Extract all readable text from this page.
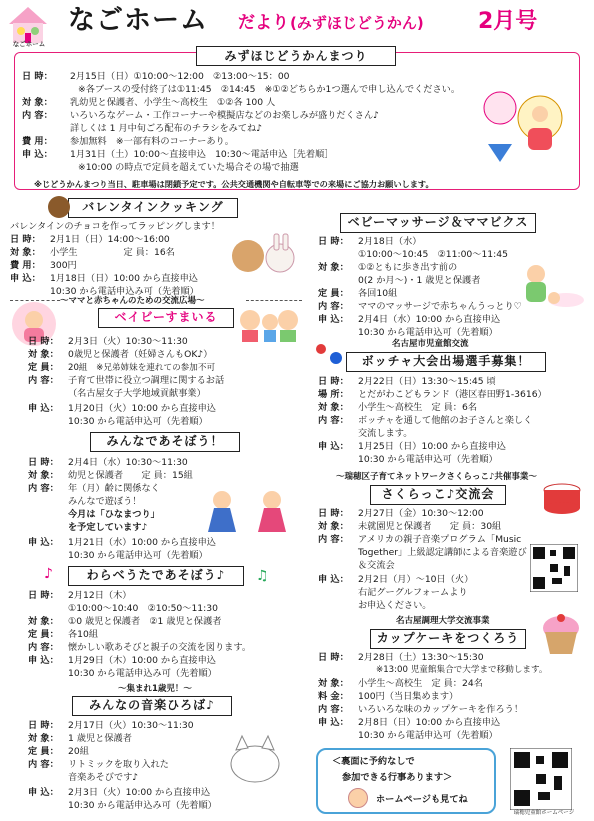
なごホーム
なごホーム だより (みずほじどうかん) 2月号
みずほじどうかんまつり
日 時： 2月15日（日）①10:00～12:00　②13:00～15：00
※各ブースの受付終了は①11:45　②14:45　※①②どちらか1つ選んで申し込んでください。
対 象： 乳幼児と保護者、小学生～高校生　①②各 100 人
内 容： いろいろなゲーム・工作コーナーや模擬店などのお楽しみが盛りだくさん♪
詳しくは 1 月中旬ごろ配布のチラシをみてね♪
費 用： 参加無料　※一部有料のコーナーあり。
申 込： 1月31日（土）10:00～直接申込　10:30～電話申込［先着順］
※10:00 の時点で定員を超えていた場合その場で抽選
※じどうかんまつり当日、駐車場は閉鎖予定です。公共交通機関や自転車等での来場にご協力お願いします。
バレンタインクッキング
バレンタインのチョコを作ってラッピングします！
日 時： 2月1日（日）14:00～16:00
対 象： 小学生　　　　　定 員：16名
費 用： 300円
申 込： 1月18日（日）10:00 から直接申込
10:30 から電話申込み可（先着順）
～ママと赤ちゃんのための交流広場～
ベイビーすまいる
日 時： 2月3日（火）10:30～11:30
対 象： 0歳児と保護者（妊婦さんもOK♪）
定 員： 20組　※兄弟姉妹を連れての参加不可
内 容： 子育て世帯に役立つ調理に関するお話
（名古屋女子大学地域貢献事業）
申 込： 1月20日（火）10:00 から直接申込
10:30 から電話申込可（先着順）
みんなであそぼう！
日 時： 2月4日（水）10:30～11:30
対 象： 幼児と保護者　　定 員：15組
内 容： 年（月）齢に関係なく
みんなで遊ぼう！
今月は「ひなまつり」
を予定しています♪
申 込： 1月21日（水）10:00 から直接申込
10:30 から電話申込可（先着順）
わらべうたであそぼう♪
♪	♫
日 時： 2月12日（木）
①10:00～10:40　②10:50～11:30
対 象： ①0 歳児と保護者　②1 歳児と保護者
定 員： 各10組
内 容： 懐かしい歌あそびと親子の交流を図ります。
申 込： 1月29日（木）10:00 から直接申込
10:30 から電話申込み可（先着順）
～集まれ1歳児！～
みんなの音楽ひろば♪
日 時： 2月17日（火）10:30～11:30
対 象： 1 歳児と保護者
定 員： 20組
内 容： リトミックを取り入れた
音楽あそびです♪
申 込： 2月3日（火）10:00 から直接申込
10:30 から電話申込み可（先着順）
ベビーマッサージ＆ママビクス
日 時： 2月18日（水）
①10:00～10:45　②11:00～11:45
対 象： ①②ともに歩き出す前の
0(2 か月～)・1 歳児と保護者
定 員： 各回10組
内 容： ママのマッサージで赤ちゃんうっとり♡
申 込： 2月4日（水）10:00 から直接申込
10:30 から電話申込可（先着順）
名古屋市児童館交流
ボッチャ大会出場選手募集！
日 時： 2月22日（日）13:30～15:45 頃
場 所： とだがわこどもランド（港区春田野1-3616）
対 象： 小学生～高校生　定 員：6名
内 容： ボッチャを通して他館のお子さんと楽しく
交流します。
申 込： 1月25日（日）10:00 から直接申込
10:30 から電話申込可（先着順）
～瑞穂区子育てネットワークさくらっこ♪共催事業～
さくらっこ♪交流会
日 時： 2月27日（金）10:30～12:00
対 象： 未就園児と保護者　　定 員：30組
内 容： アメリカの親子音楽プログラム「Music
Together」上級認定講師による音楽遊び
＆交流会
申 込： 2月2日（月）～10日（火）
右記グーグルフォームより
お申込ください。
名古屋調理大学交流事業
カップケーキをつくろう
日 時： 2月28日（土）13:30～15:30
※13:00 児童館集合で大学まで移動します。
対 象： 小学生～高校生　定 員：24名
料 金： 100円（当日集めます）
内 容： いろいろな味のカップケーキを作ろう！
申 込： 2月8日（日）10:00 から直接申込
10:30 から電話申込可（先着順）
＜裏面に予約なしで
参加できる行事あります＞
ホームページも見てね
瑞穂児童館ホームページ
